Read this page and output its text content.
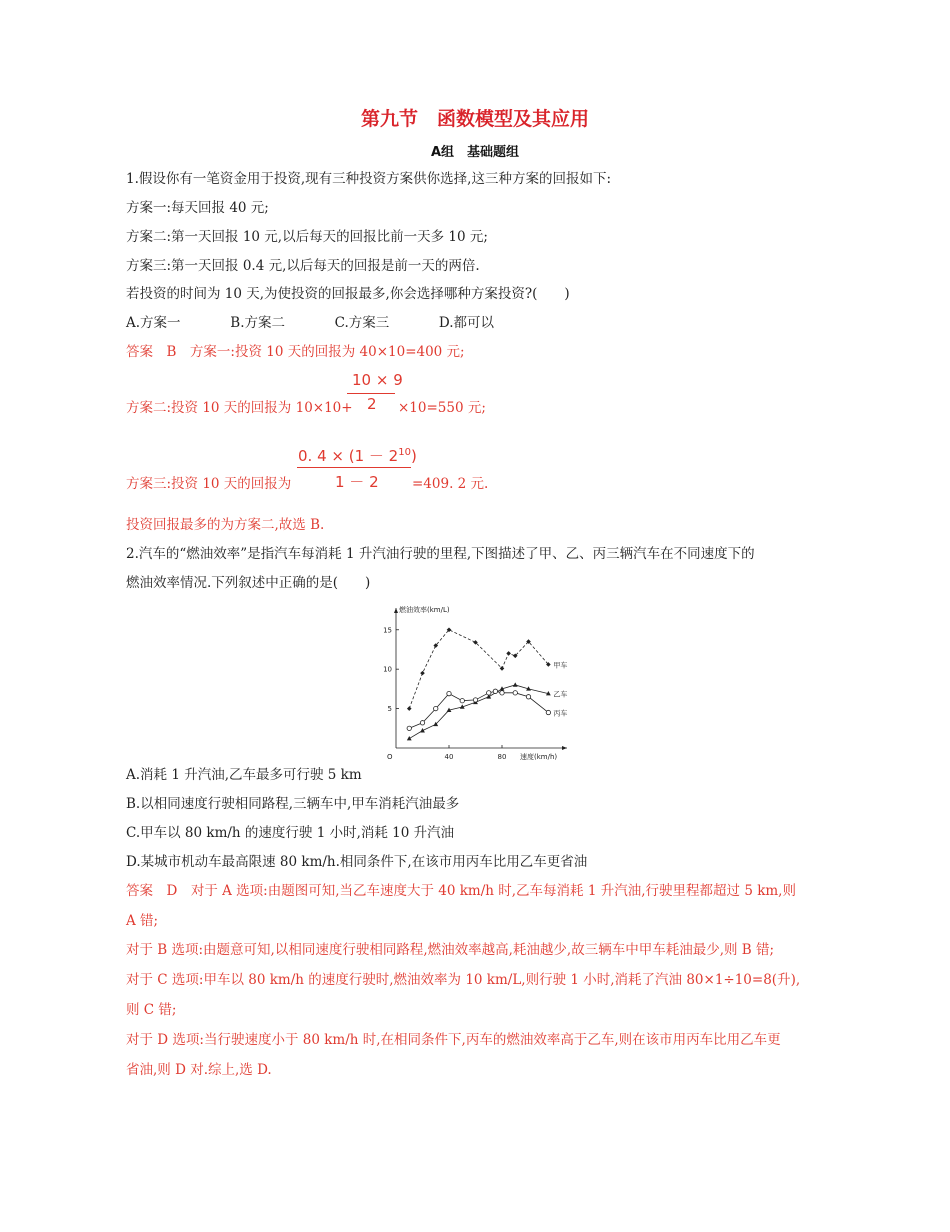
第九节　函数模型及其应用
A组　基础题组
1.假设你有一笔资金用于投资,现有三种投资方案供你选择,这三种方案的回报如下:
方案一:每天回报 40 元;
方案二:第一天回报 10 元,以后每天的回报比前一天多 10 元;
方案三:第一天回报 0.4 元,以后每天的回报是前一天的两倍.
若投资的时间为 10 天,为使投资的回报最多,你会选择哪种方案投资?(　　)
A.方案一	B.方案二	C.方案三	D.都可以
答案　B　方案一:投资 10 天的回报为 40×10=400 元;
10 × 9
2
方案二:投资 10 天的回报为 10×10+	×10=550 元;
0. $4 \times (1 - 2^{10})$
1 － 2
方案三:投资 10 天的回报为	=409. 2 元.
投资回报最多的为方案二,故选 B.
2.汽车的“燃油效率”是指汽车每消耗 1 升汽油行驶的里程,下图描述了甲、乙、丙三辆汽车在不同速度下的
燃油效率情况.下列叙述中正确的是(　　)
燃油效率(km/L)
速度(km/h)
O	40	80
5
10
15
甲车
乙车
丙车
A.消耗 1 升汽油,乙车最多可行驶 5 km
B.以相同速度行驶相同路程,三辆车中,甲车消耗汽油最多
C.甲车以 80 km/h 的速度行驶 1 小时,消耗 10 升汽油
D.某城市机动车最高限速 80 km/h.相同条件下,在该市用丙车比用乙车更省油
答案　D　对于 A 选项:由题图可知,当乙车速度大于 40 km/h 时,乙车每消耗 1 升汽油,行驶里程都超过 5 km,则
A 错;
对于 B 选项:由题意可知,以相同速度行驶相同路程,燃油效率越高,耗油越少,故三辆车中甲车耗油最少,则 B 错;
对于 C 选项:甲车以 80 km/h 的速度行驶时,燃油效率为 10 km/L,则行驶 1 小时,消耗了汽油 80×1÷10=8(升),
则 C 错;
对于 D 选项:当行驶速度小于 80 km/h 时,在相同条件下,丙车的燃油效率高于乙车,则在该市用丙车比用乙车更
省油,则 D 对.综上,选 D.
